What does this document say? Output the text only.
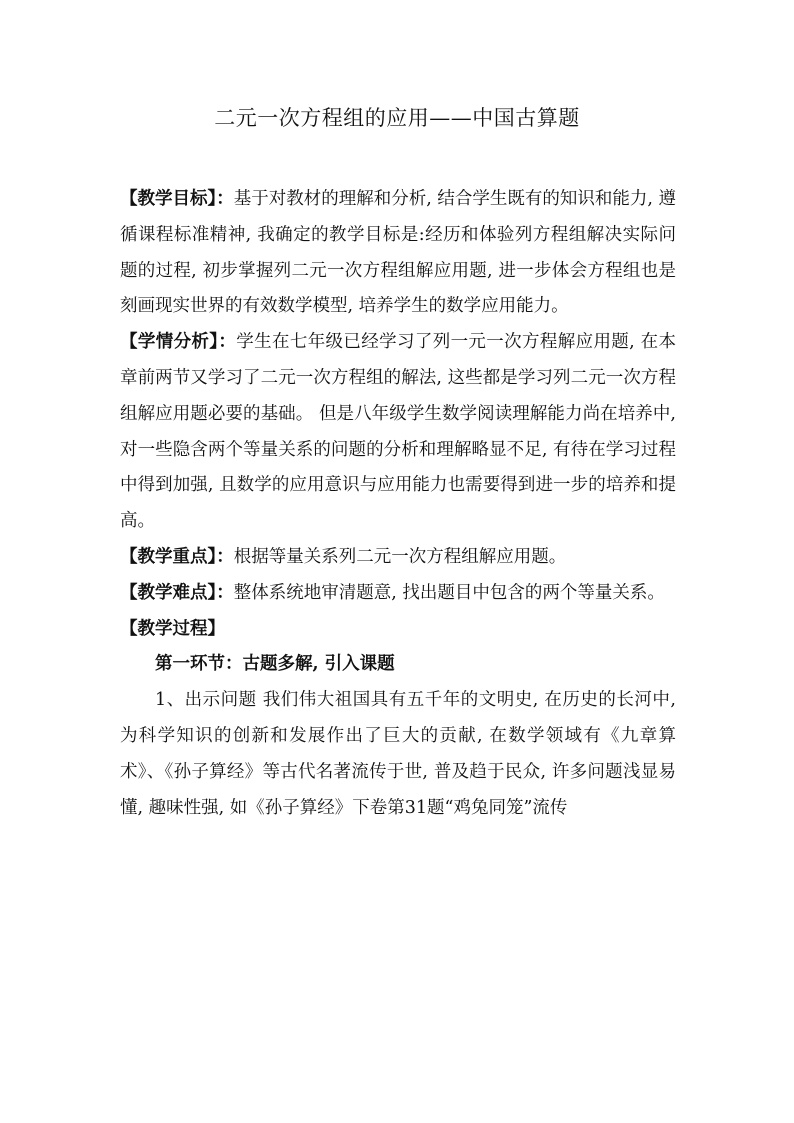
二元一次方程组的应用——中国古算题

【教学目标】：基于对教材的理解和分析, 结合学生既有的知识和能力, 遵循课程标准精神, 我确定的教学目标是:经历和体验列方程组解决实际问题的过程, 初步掌握列二元一次方程组解应用题, 进一步体会方程组也是刻画现实世界的有效数学模型, 培养学生的数学应用能力。

【学情分析】：学生在七年级已经学习了列一元一次方程解应用题, 在本章前两节又学习了二元一次方程组的解法, 这些都是学习列二元一次方程组解应用题必要的基础。 但是八年级学生数学阅读理解能力尚在培养中, 对一些隐含两个等量关系的问题的分析和理解略显不足, 有待在学习过程中得到加强, 且数学的应用意识与应用能力也需要得到进一步的培养和提高。

【教学重点】：根据等量关系列二元一次方程组解应用题。

【教学难点】：整体系统地审清题意, 找出题目中包含的两个等量关系。

【教学过程】

第一环节：古题多解, 引入课题

1、出示问题 我们伟大祖国具有五千年的文明史, 在历史的长河中, 为科学知识的创新和发展作出了巨大的贡献, 在数学领域有《九章算术》、《孙子算经》等古代名著流传于世, 普及趋于民众, 许多问题浅显易懂, 趣味性强, 如《孙子算经》下卷第31题“鸡兔同笼”流传
